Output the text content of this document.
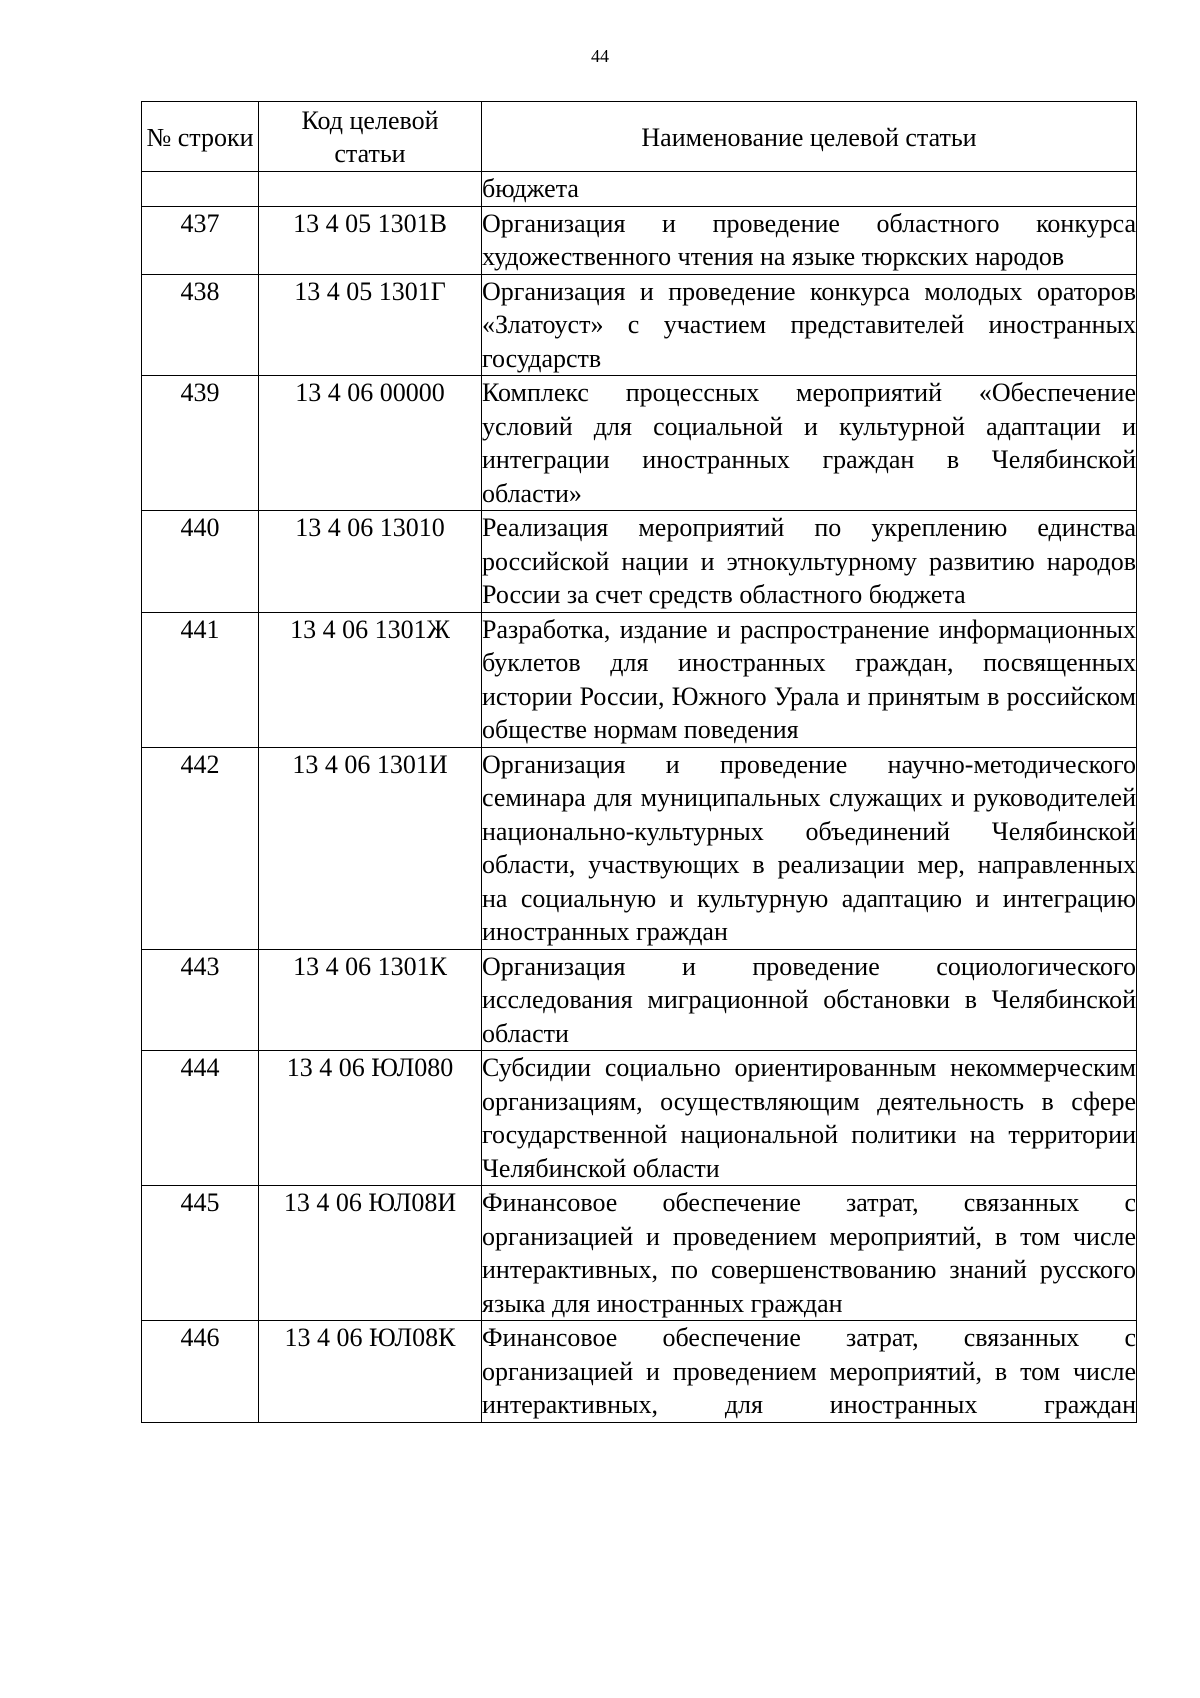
44
№ строки	Код целевой статьи	Наименование целевой статьи
		бюджета
437	13 4 05 1301В	Организация и проведение областного конкурса художественного чтения на языке тюркских народов

438	13 4 05 1301Г	Организация и проведение конкурса молодых ораторов «Златоуст» с участием представителей иностранных государств

439	13 4 06 00000	Комплекс процессных мероприятий «Обеспечение условий для социальной и культурной адаптации и интеграции иностранных граждан в Челябинской области»

440	13 4 06 13010	Реализация мероприятий по укреплению единства российской нации и этнокультурному развитию народов России за счет средств областного бюджета

441	13 4 06 1301Ж	Разработка, издание и распространение информационных буклетов для иностранных граждан, посвященных истории России, Южного Урала и принятым в российском обществе нормам поведения

442	13 4 06 1301И	Организация и проведение научно-методического семинара для муниципальных служащих и руководителей национально-культурных объединений Челябинской области, участвующих в реализации мер, направленных на социальную и культурную адаптацию и интеграцию иностранных граждан

443	13 4 06 1301К	Организация и проведение социологического исследования миграционной обстановки в Челябинской области

444	13 4 06 ЮЛ080	Субсидии социально ориентированным некоммерческим организациям, осуществляющим деятельность в сфере государственной национальной политики на территории Челябинской области

445	13 4 06 ЮЛ08И	Финансовое обеспечение затрат, связанных с организацией и проведением мероприятий, в том числе интерактивных, по совершенствованию знаний русского языка для иностранных граждан

446	13 4 06 ЮЛ08К	Финансовое обеспечение затрат, связанных с организацией и проведением мероприятий, в том числе интерактивных, для иностранных граждан
